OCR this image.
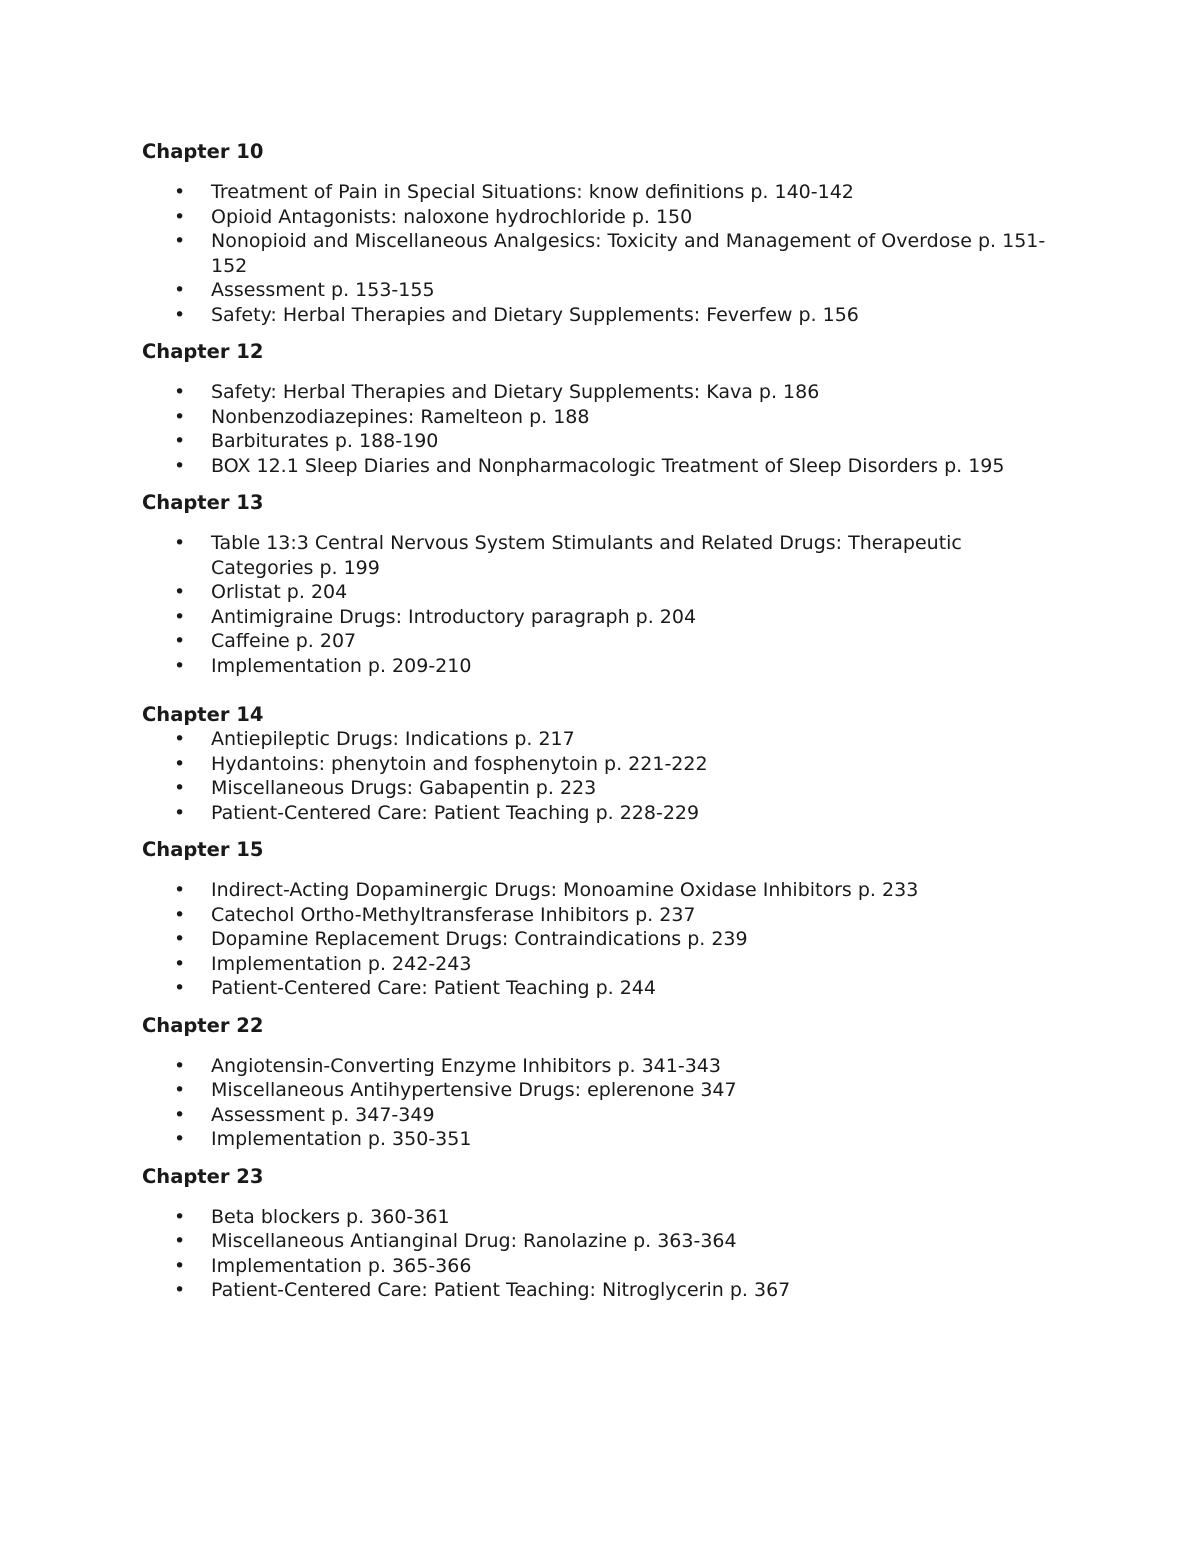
Chapter 10
• Treatment of Pain in Special Situations: know definitions p. 140-142
• Opioid Antagonists: naloxone hydrochloride p. 150
• Nonopioid and Miscellaneous Analgesics: Toxicity and Management of Overdose p. 151-152
• Assessment p. 153-155
• Safety: Herbal Therapies and Dietary Supplements: Feverfew p. 156
Chapter 12
• Safety: Herbal Therapies and Dietary Supplements: Kava p. 186
• Nonbenzodiazepines: Ramelteon p. 188
• Barbiturates p. 188-190
• BOX 12.1 Sleep Diaries and Nonpharmacologic Treatment of Sleep Disorders p. 195
Chapter 13
• Table 13:3 Central Nervous System Stimulants and Related Drugs: Therapeutic Categories p. 199
• Orlistat p. 204
• Antimigraine Drugs: Introductory paragraph p. 204
• Caffeine p. 207
• Implementation p. 209-210
Chapter 14
• Antiepileptic Drugs: Indications p. 217
• Hydantoins: phenytoin and fosphenytoin p. 221-222
• Miscellaneous Drugs: Gabapentin p. 223
• Patient-Centered Care: Patient Teaching p. 228-229
Chapter 15
• Indirect-Acting Dopaminergic Drugs: Monoamine Oxidase Inhibitors p. 233
• Catechol Ortho-Methyltransferase Inhibitors p. 237
• Dopamine Replacement Drugs: Contraindications p. 239
• Implementation p. 242-243
• Patient-Centered Care: Patient Teaching p. 244
Chapter 22
• Angiotensin-Converting Enzyme Inhibitors p. 341-343
• Miscellaneous Antihypertensive Drugs: eplerenone 347
• Assessment p. 347-349
• Implementation p. 350-351
Chapter 23
• Beta blockers p. 360-361
• Miscellaneous Antianginal Drug: Ranolazine p. 363-364
• Implementation p. 365-366
• Patient-Centered Care: Patient Teaching: Nitroglycerin p. 367
